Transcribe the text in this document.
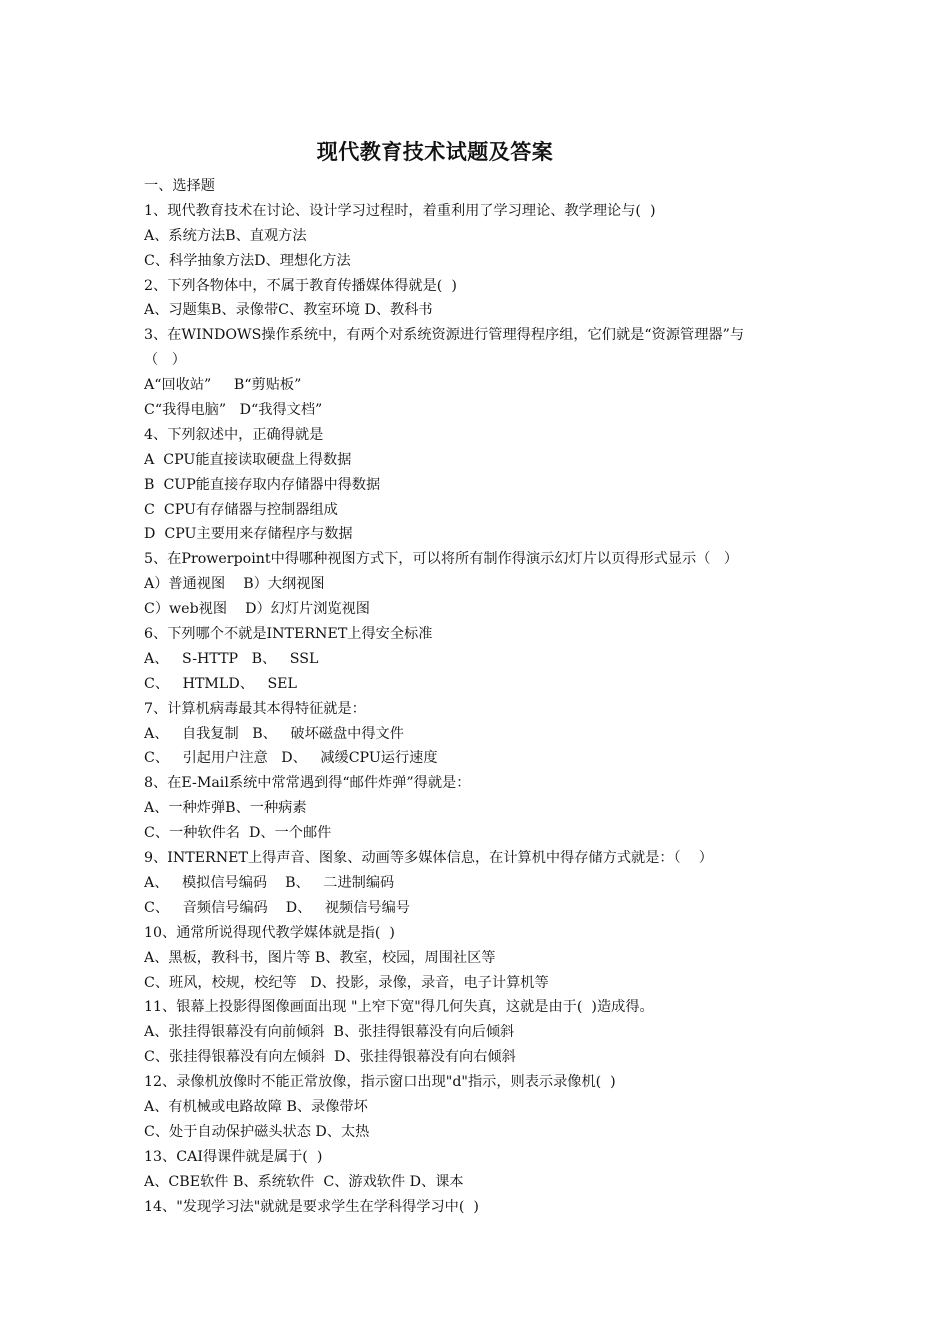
现代教育技术试题及答案
一、选择题
1、现代教育技术在讨论、设计学习过程时，着重利用了学习理论、教学理论与(  )
A、系统方法B、直观方法
C、科学抽象方法D、理想化方法
2、下列各物体中，不属于教育传播媒体得就是(  )
A、习题集B、录像带C、教室环境 D、教科书
3、在WINDOWS操作系统中，有两个对系统资源进行管理得程序组，它们就是“资源管理器”与
（   ）
A“回收站”     B“剪贴板”
C“我得电脑”   D“我得文档”
4、下列叙述中，正确得就是
A  CPU能直接读取硬盘上得数据
B  CUP能直接存取内存储器中得数据
C  CPU有存储器与控制器组成
D  CPU主要用来存储程序与数据
5、在Prowerpoint中得哪种视图方式下，可以将所有制作得演示幻灯片以页得形式显示（   ）
A）普通视图    B）大纲视图
C）web视图    D）幻灯片浏览视图
6、下列哪个不就是INTERNET上得安全标准
A、   S-HTTP   B、   SSL
C、   HTMLD、   SEL
7、计算机病毒最其本得特征就是：
A、   自我复制   B、   破坏磁盘中得文件
C、   引起用户注意   D、   减缓CPU运行速度
8、在E-Mail系统中常常遇到得“邮件炸弹”得就是：
A、一种炸弹B、一种病素
C、一种软件名  D、一个邮件
9、INTERNET上得声音、图象、动画等多媒体信息，在计算机中得存储方式就是：（    ）
A、   模拟信号编码    B、   二进制编码
C、   音频信号编码    D、   视频信号编号
10、通常所说得现代教学媒体就是指(  )
A、黑板，教科书，图片等 B、教室，校园，周围社区等
C、班风，校规，校纪等   D、投影，录像，录音，电子计算机等
11、银幕上投影得图像画面出现 "上窄下宽"得几何失真，这就是由于(  )造成得。
A、张挂得银幕没有向前倾斜  B、张挂得银幕没有向后倾斜
C、张挂得银幕没有向左倾斜  D、张挂得银幕没有向右倾斜
12、录像机放像时不能正常放像，指示窗口出现"d"指示，则表示录像机(  )
A、有机械或电路故障 B、录像带坏
C、处于自动保护磁头状态 D、太热
13、CAI得课件就是属于(  )
A、CBE软件 B、系统软件  C、游戏软件 D、课本
14、"发现学习法"就就是要求学生在学科得学习中(  )
